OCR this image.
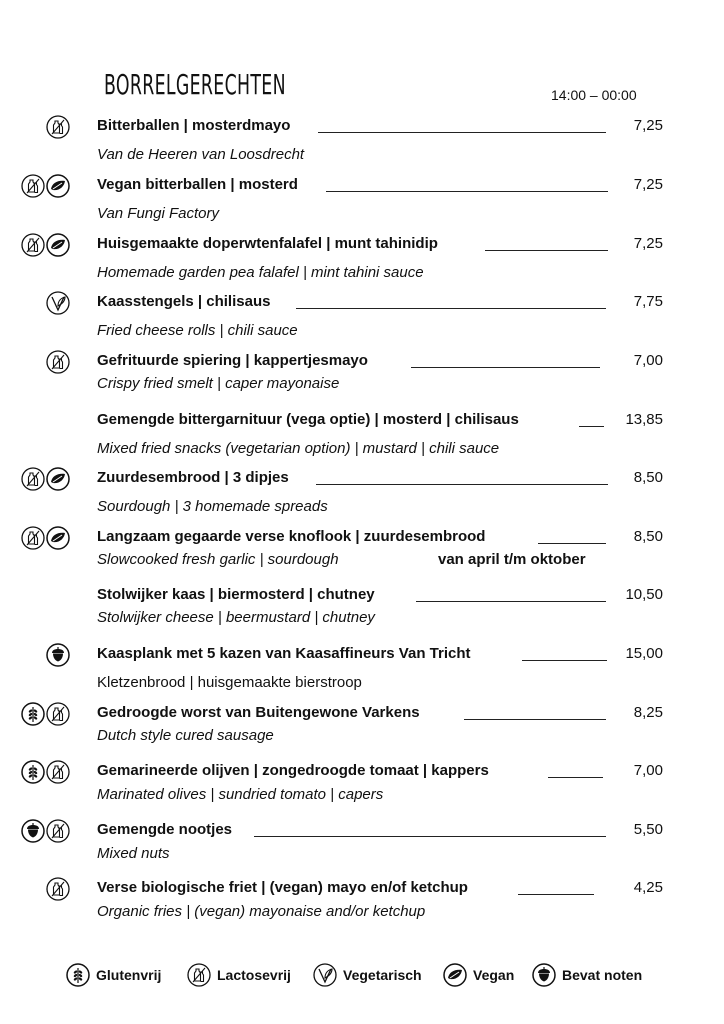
BORRELGERECHTEN	14:00 – 00:00
Bitterballen | mosterdmayo	7,25
Van de Heeren van Loosdrecht
Vegan bitterballen | mosterd	7,25
Van Fungi Factory
Huisgemaakte doperwtenfalafel | munt tahinidip	7,25
Homemade garden pea falafel | mint tahini sauce
Kaasstengels | chilisaus	7,75
Fried cheese rolls | chili sauce
Gefrituurde spiering | kappertjesmayo	7,00
Crispy fried smelt | caper mayonaise
Gemengde bittergarnituur (vega optie) | mosterd | chilisaus	13,85
Mixed fried snacks (vegetarian option) | mustard | chili sauce
Zuurdesembrood | 3 dipjes	8,50
Sourdough | 3 homemade spreads
Langzaam gegaarde verse knoflook | zuurdesembrood	8,50
Slowcooked fresh garlic | sourdough	van april t/m oktober
Stolwijker kaas | biermosterd | chutney	10,50
Stolwijker cheese | beermustard | chutney
Kaasplank met 5 kazen van Kaasaffineurs Van Tricht	15,00
Kletzenbrood | huisgemaakte bierstroop
Gedroogde worst van Buitengewone Varkens	8,25
Dutch style cured sausage
Gemarineerde olijven | zongedroogde tomaat | kappers	7,00
Marinated olives | sundried tomato | capers
Gemengde nootjes	5,50
Mixed nuts
Verse biologische friet | (vegan) mayo en/of ketchup	4,25
Organic fries | (vegan) mayonaise and/or ketchup
Glutenvrij	Lactosevrij	Vegetarisch	Vegan	Bevat noten
